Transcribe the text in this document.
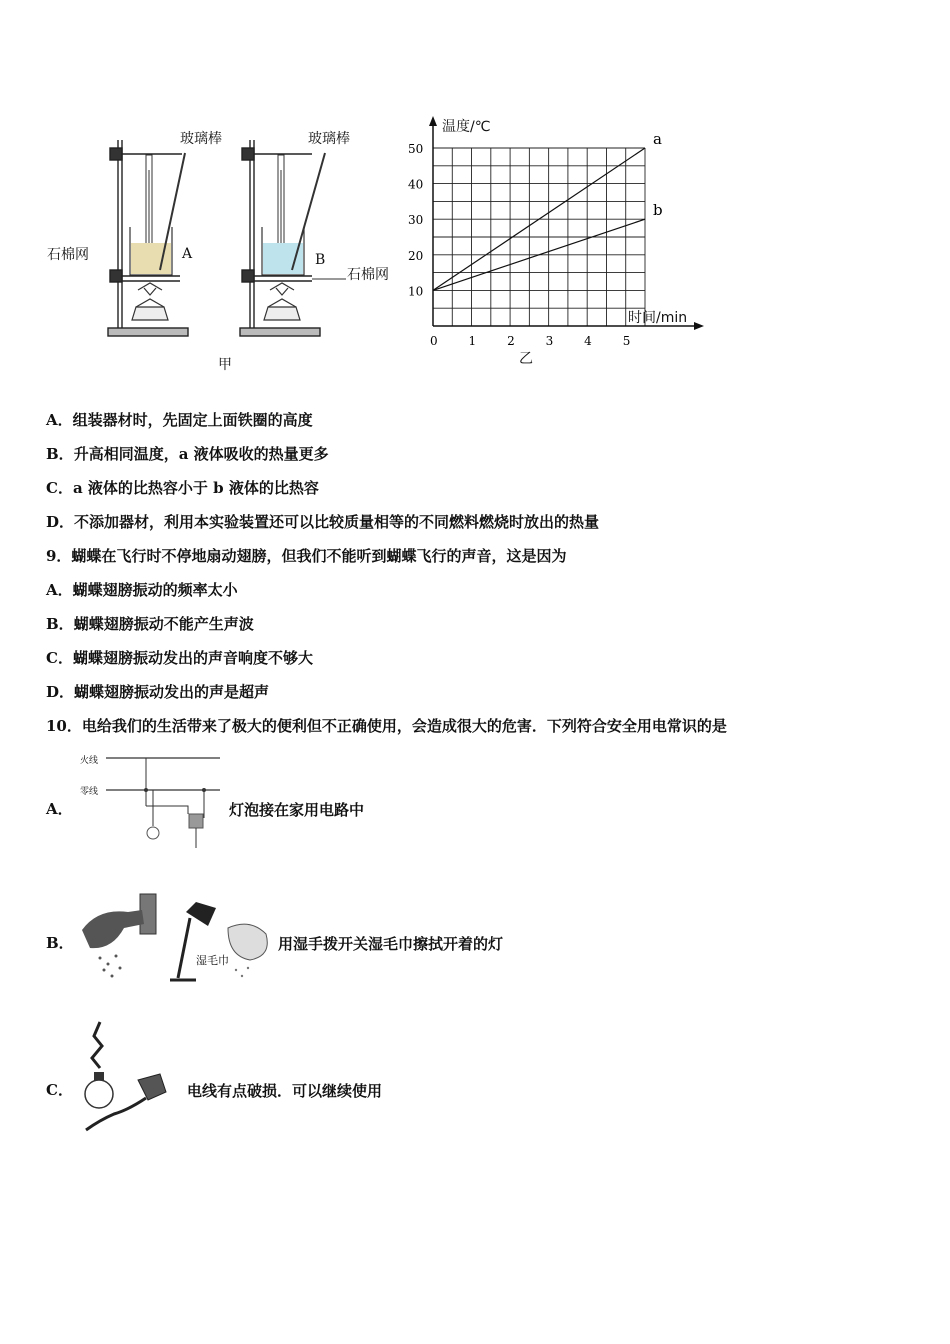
玻璃棒	玻璃棒
石棉网
石棉网
A	B
甲
a
b
10
20
30
40
50
0	1	2	3	4	5
温度/℃
时间/min
乙
A．组装器材时，先固定上面铁圈的高度
B．升高相同温度，a 液体吸收的热量更多
C．a 液体的比热容小于 b 液体的比热容
D．不添加器材，利用本实验装置还可以比较质量相等的不同燃料燃烧时放出的热量
9．蝴蝶在飞行时不停地扇动翅膀，但我们不能听到蝴蝶飞行的声音，这是因为
A．蝴蝶翅膀振动的频率太小
B．蝴蝶翅膀振动不能产生声波
C．蝴蝶翅膀振动发出的声音响度不够大
D．蝴蝶翅膀振动发出的声是超声
10．电给我们的生活带来了极大的便利但不正确使用，会造成很大的危害．下列符合安全用电常识的是
A．
火线
零线
灯泡接在家用电路中
B．
湿毛巾
用湿手拨开关湿毛巾擦拭开着的灯
C．	电线有点破损．可以继续使用
